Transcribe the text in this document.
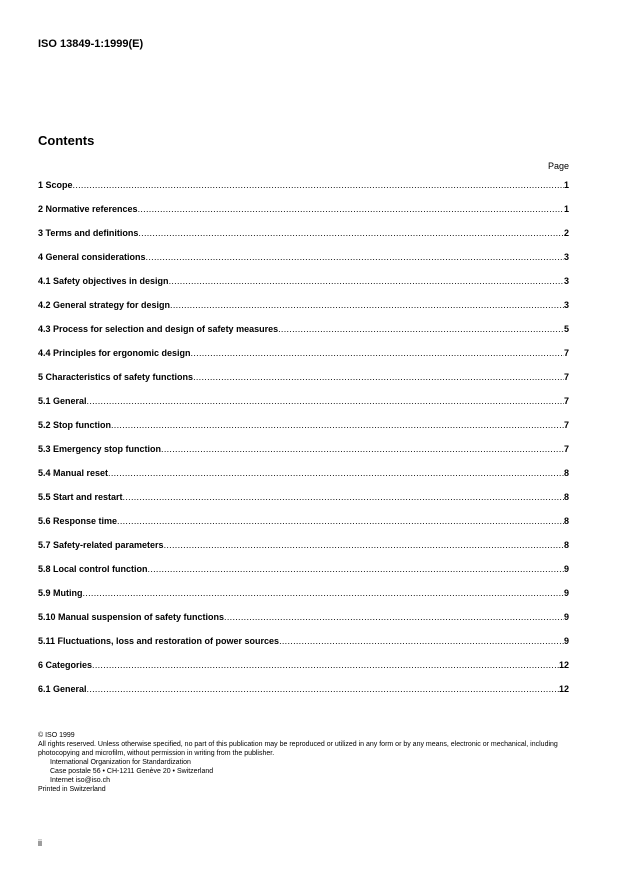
ISO 13849-1:1999(E)
Contents
Page
1 Scope .....	1
2 Normative references .....	1
3 Terms and definitions .....	2
4 General considerations .....	3
4.1 Safety objectives in design .....	3
4.2 General strategy for design .....	3
4.3 Process for selection and design of safety measures .....	5
4.4 Principles for ergonomic design .....	7
5 Characteristics of safety functions .....	7
5.1 General .....	7
5.2 Stop function .....	7
5.3 Emergency stop function .....	7
5.4 Manual reset .....	8
5.5 Start and restart .....	8
5.6 Response time .....	8
5.7 Safety-related parameters .....	8
5.8 Local control function .....	9
5.9 Muting .....	9
5.10 Manual suspension of safety functions .....	9
5.11 Fluctuations, loss and restoration of power sources .....	9
6 Categories .....	12
6.1 General .....	12
© ISO 1999
All rights reserved. Unless otherwise specified, no part of this publication may be reproduced or utilized in any form or by any means, electronic or mechanical, including photocopying and microfilm, without permission in writing from the publisher.
International Organization for Standardization
Case postale 56 • CH-1211 Genève 20 • Switzerland
Internet iso@iso.ch
Printed in Switzerland
ii
